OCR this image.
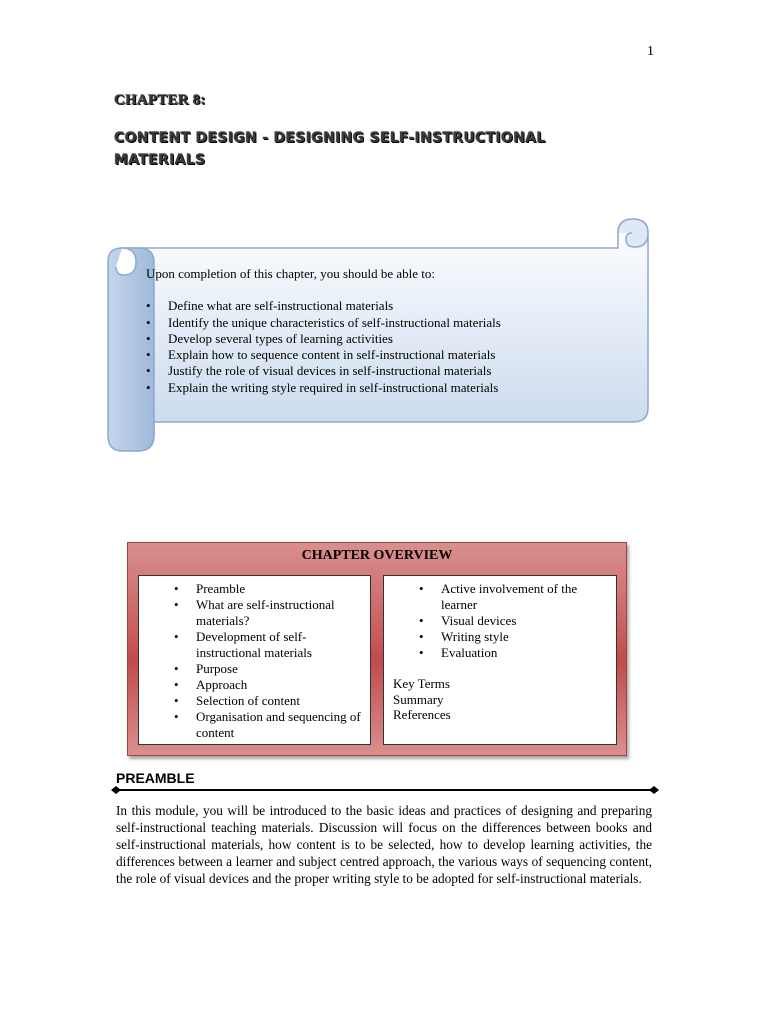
1
CHAPTER 8:
CONTENT DESIGN - DESIGNING SELF-INSTRUCTIONAL MATERIALS

Upon completion of this chapter, you should be able to:

• Define what are self-instructional materials
• Identify the unique characteristics of self-instructional materials
• Develop several types of learning activities
• Explain how to sequence content in self-instructional materials
• Justify the role of visual devices in self-instructional materials
• Explain the writing style required in self-instructional materials
CHAPTER OVERVIEW
• Preamble
• What are self-instructional materials?
• Development of self-instructional materials
• Purpose
• Approach
• Selection of content
• Organisation and sequencing of content
• Active involvement of the learner
• Visual devices
• Writing style
• Evaluation
Key Terms
Summary
References
PREAMBLE
In this module, you will be introduced to the basic ideas and practices of designing and preparing self-instructional teaching materials. Discussion will focus on the differences between books and self-instructional materials, how content is to be selected, how to develop learning activities, the differences between a learner and subject centred approach, the various ways of sequencing content, the role of visual devices and the proper writing style to be adopted for self-instructional materials.
